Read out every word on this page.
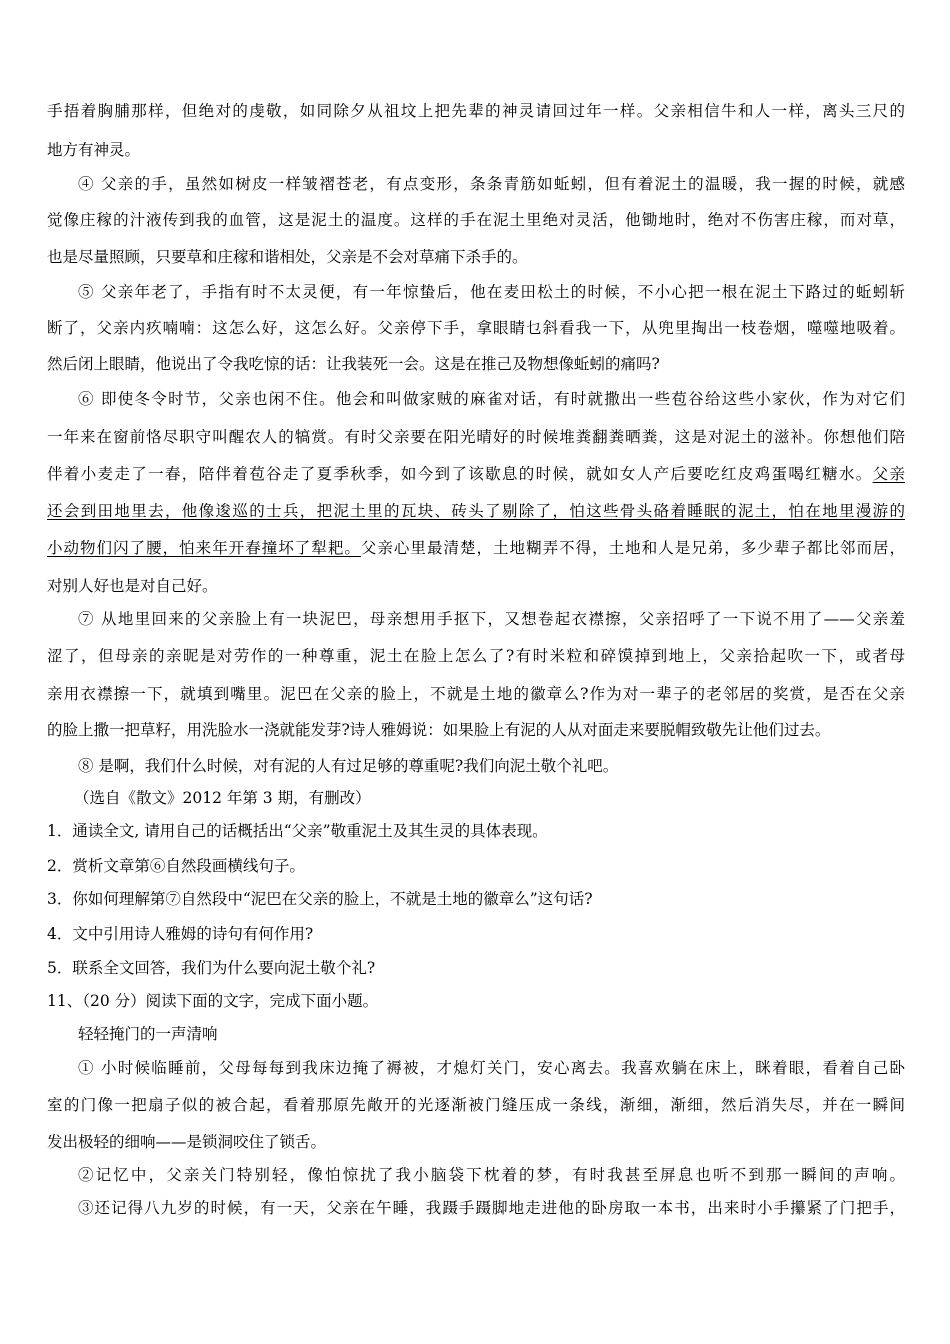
手捂着胸脯那样，但绝对的虔敬，如同除夕从祖坟上把先辈的神灵请回过年一样。父亲相信牛和人一样，离头三尺的
地方有神灵。
④ 父亲的手，虽然如树皮一样皱褶苍老，有点变形，条条青筋如蚯蚓，但有着泥土的温暖，我一握的时候，就感
觉像庄稼的汁液传到我的血管，这是泥土的温度。这样的手在泥土里绝对灵活，他锄地时，绝对不伤害庄稼，而对草，
也是尽量照顾，只要草和庄稼和谐相处，父亲是不会对草痛下杀手的。
⑤ 父亲年老了，手指有时不太灵便，有一年惊蛰后，他在麦田松土的时候，不小心把一根在泥土下路过的蚯蚓斩
断了，父亲内疚喃喃：这怎么好，这怎么好。父亲停下手，拿眼睛乜斜看我一下，从兜里掏出一枝卷烟，噬噬地吸着。
然后闭上眼睛，他说出了令我吃惊的话：让我装死一会。这是在推己及物想像蚯蚓的痛吗?
⑥ 即使冬令时节，父亲也闲不住。他会和叫做家贼的麻雀对话，有时就撒出一些苞谷给这些小家伙，作为对它们
一年来在窗前恪尽职守叫醒农人的犒赏。有时父亲要在阳光晴好的时候堆粪翻粪晒粪，这是对泥土的滋补。你想他们陪
伴着小麦走了一春，陪伴着苞谷走了夏季秋季，如今到了该歇息的时候，就如女人产后要吃红皮鸡蛋喝红糖水。父亲
还会到田地里去，他像逡巡的士兵，把泥土里的瓦块、砖头了剔除了，怕这些骨头硌着睡眠的泥土，怕在地里漫游的
小动物们闪了腰，怕来年开春撞坏了犁耙。父亲心里最清楚，土地糊弄不得，土地和人是兄弟，多少辈子都比邻而居，
对别人好也是对自己好。
⑦ 从地里回来的父亲脸上有一块泥巴，母亲想用手抠下，又想卷起衣襟擦，父亲招呼了一下说不用了——父亲羞
涩了，但母亲的亲昵是对劳作的一种尊重，泥土在脸上怎么了?有时米粒和碎馍掉到地上，父亲拾起吹一下，或者母
亲用衣襟擦一下，就填到嘴里。泥巴在父亲的脸上，不就是土地的徽章么?作为对一辈子的老邻居的奖赏，是否在父亲
的脸上撒一把草籽，用洗脸水一浇就能发芽?诗人雅姆说：如果脸上有泥的人从对面走来要脱帽致敬先让他们过去。
⑧ 是啊，我们什么时候，对有泥的人有过足够的尊重呢?我们向泥土敬个礼吧。
（选自《散文》2012 年第 3 期，有删改）
1．通读全文, 请用自己的话概括出“父亲”敬重泥土及其生灵的具体表现。
2．赏析文章第⑥自然段画横线句子。
3．你如何理解第⑦自然段中“泥巴在父亲的脸上，不就是土地的徽章么”这句话?
4．文中引用诗人雅姆的诗句有何作用?
5．联系全文回答，我们为什么要向泥土敬个礼?
11、（20 分）阅读下面的文字，完成下面小题。
轻轻掩门的一声清响
① 小时候临睡前，父母每每到我床边掩了褥被，才熄灯关门，安心离去。我喜欢躺在床上，眯着眼，看着自己卧
室的门像一把扇子似的被合起，看着那原先敞开的光逐渐被门缝压成一条线，渐细，渐细，然后消失尽，并在一瞬间
发出极轻的细响——是锁洞咬住了锁舌。
②记忆中，父亲关门特别轻，像怕惊扰了我小脑袋下枕着的梦，有时我甚至屏息也听不到那一瞬间的声响。
③还记得八九岁的时候，有一天，父亲在午睡，我蹑手蹑脚地走进他的卧房取一本书，出来时小手攥紧了门把手，
